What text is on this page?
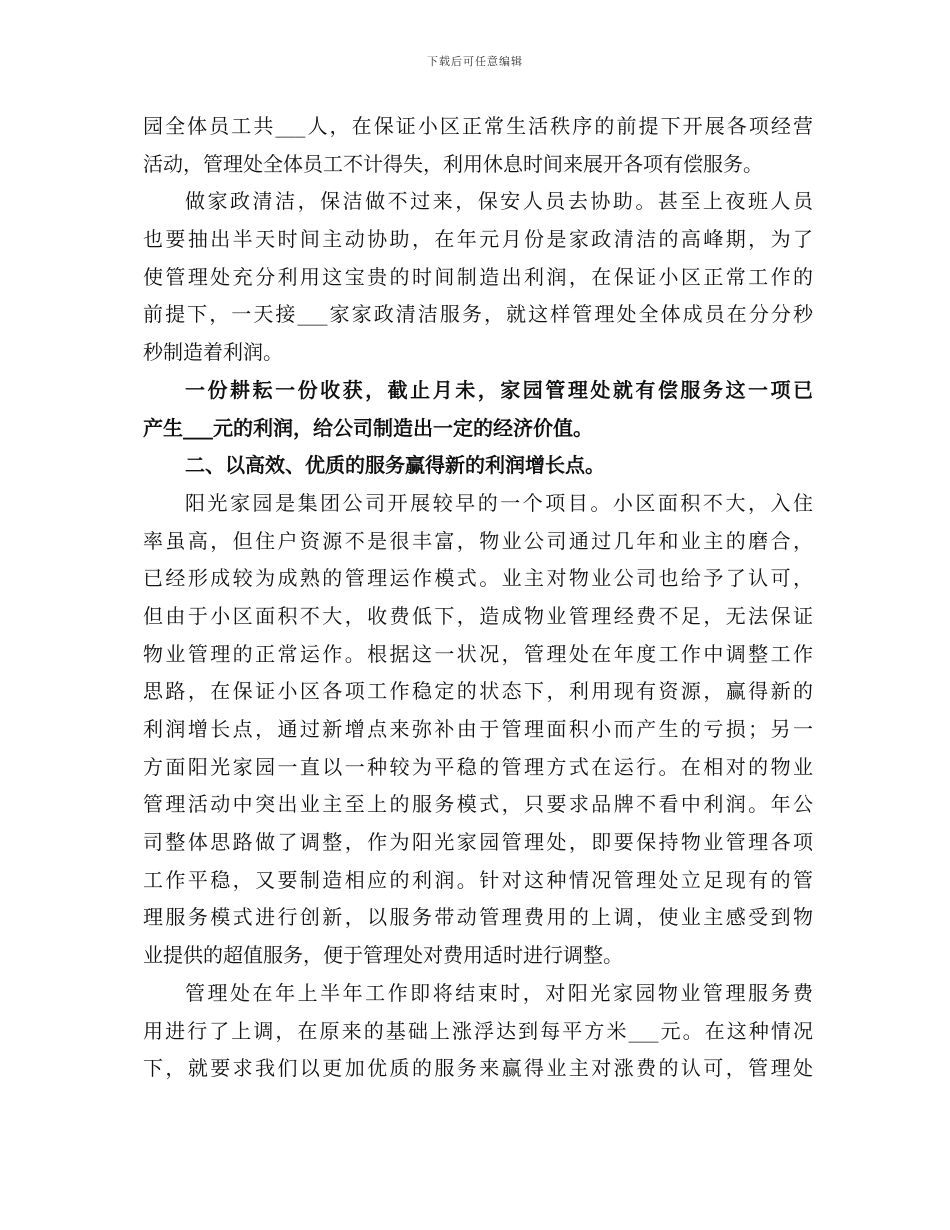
下载后可任意编辑
园全体员工共___人，在保证小区正常生活秩序的前提下开展各项经营
活动，管理处全体员工不计得失，利用休息时间来展开各项有偿服务。
做家政清洁，保洁做不过来，保安人员去协助。甚至上夜班人员
也要抽出半天时间主动协助，在年元月份是家政清洁的高峰期，为了
使管理处充分利用这宝贵的时间制造出利润，在保证小区正常工作的
前提下，一天接___家家政清洁服务，就这样管理处全体成员在分分秒
秒制造着利润。
一份耕耘一份收获，截止月未，家园管理处就有偿服务这一项已
产生___元的利润，给公司制造出一定的经济价值。
二、以高效、优质的服务赢得新的利润增长点。
阳光家园是集团公司开展较早的一个项目。小区面积不大，入住
率虽高，但住户资源不是很丰富，物业公司通过几年和业主的磨合，
已经形成较为成熟的管理运作模式。业主对物业公司也给予了认可，
但由于小区面积不大，收费低下，造成物业管理经费不足，无法保证
物业管理的正常运作。根据这一状况，管理处在年度工作中调整工作
思路，在保证小区各项工作稳定的状态下，利用现有资源，赢得新的
利润增长点，通过新增点来弥补由于管理面积小而产生的亏损；另一
方面阳光家园一直以一种较为平稳的管理方式在运行。在相对的物业
管理活动中突出业主至上的服务模式，只要求品牌不看中利润。年公
司整体思路做了调整，作为阳光家园管理处，即要保持物业管理各项
工作平稳，又要制造相应的利润。针对这种情况管理处立足现有的管
理服务模式进行创新，以服务带动管理费用的上调，使业主感受到物
业提供的超值服务，便于管理处对费用适时进行调整。
管理处在年上半年工作即将结束时，对阳光家园物业管理服务费
用进行了上调，在原来的基础上涨浮达到每平方米___元。在这种情况
下，就要求我们以更加优质的服务来赢得业主对涨费的认可，管理处
